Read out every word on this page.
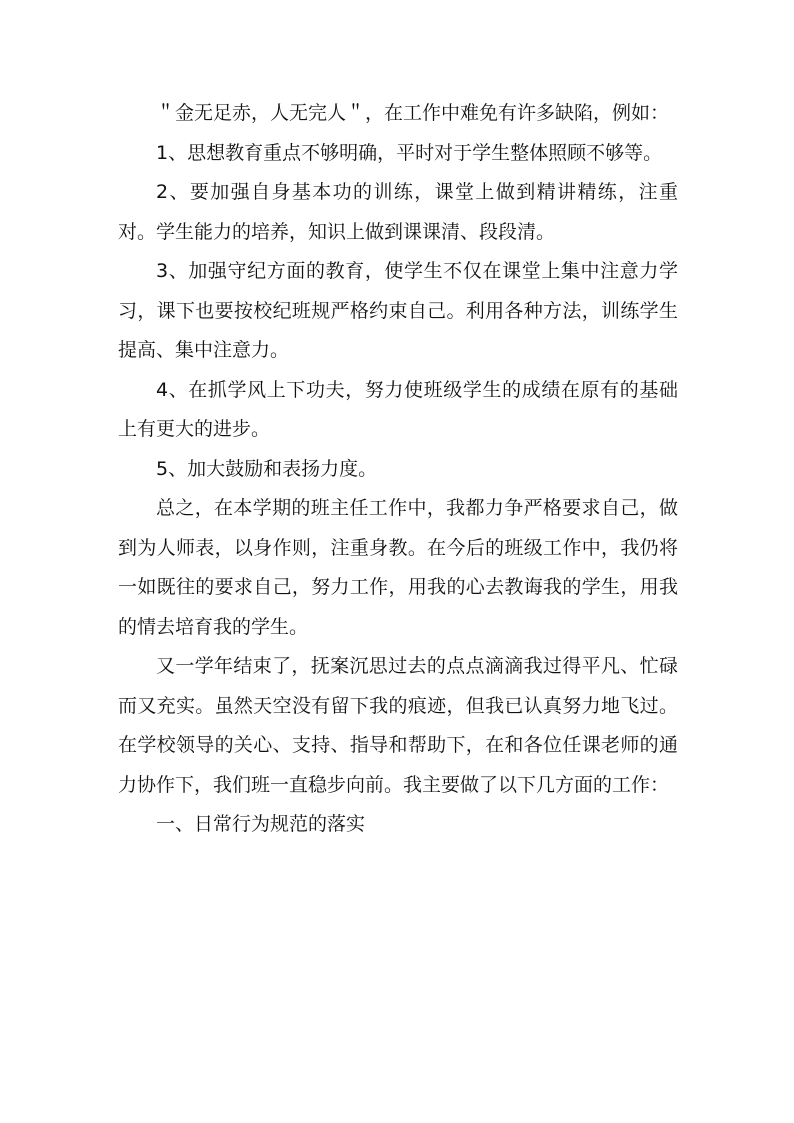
＂金无足赤，人无完人＂，在工作中难免有许多缺陷，例如：

1、思想教育重点不够明确，平时对于学生整体照顾不够等。

2、要加强自身基本功的训练，课堂上做到精讲精练，注重对。学生能力的培养，知识上做到课课清、段段清。

3、加强守纪方面的教育，使学生不仅在课堂上集中注意力学习，课下也要按校纪班规严格约束自己。利用各种方法，训练学生提高、集中注意力。

4、在抓学风上下功夫，努力使班级学生的成绩在原有的基础上有更大的进步。

5、加大鼓励和表扬力度。

总之，在本学期的班主任工作中，我都力争严格要求自己，做到为人师表，以身作则，注重身教。在今后的班级工作中，我仍将一如既往的要求自己，努力工作，用我的心去教诲我的学生，用我的情去培育我的学生。

又一学年结束了，抚案沉思过去的点点滴滴我过得平凡、忙碌而又充实。虽然天空没有留下我的痕迹，但我已认真努力地飞过。在学校领导的关心、支持、指导和帮助下，在和各位任课老师的通力协作下，我们班一直稳步向前。我主要做了以下几方面的工作：

一、日常行为规范的落实
